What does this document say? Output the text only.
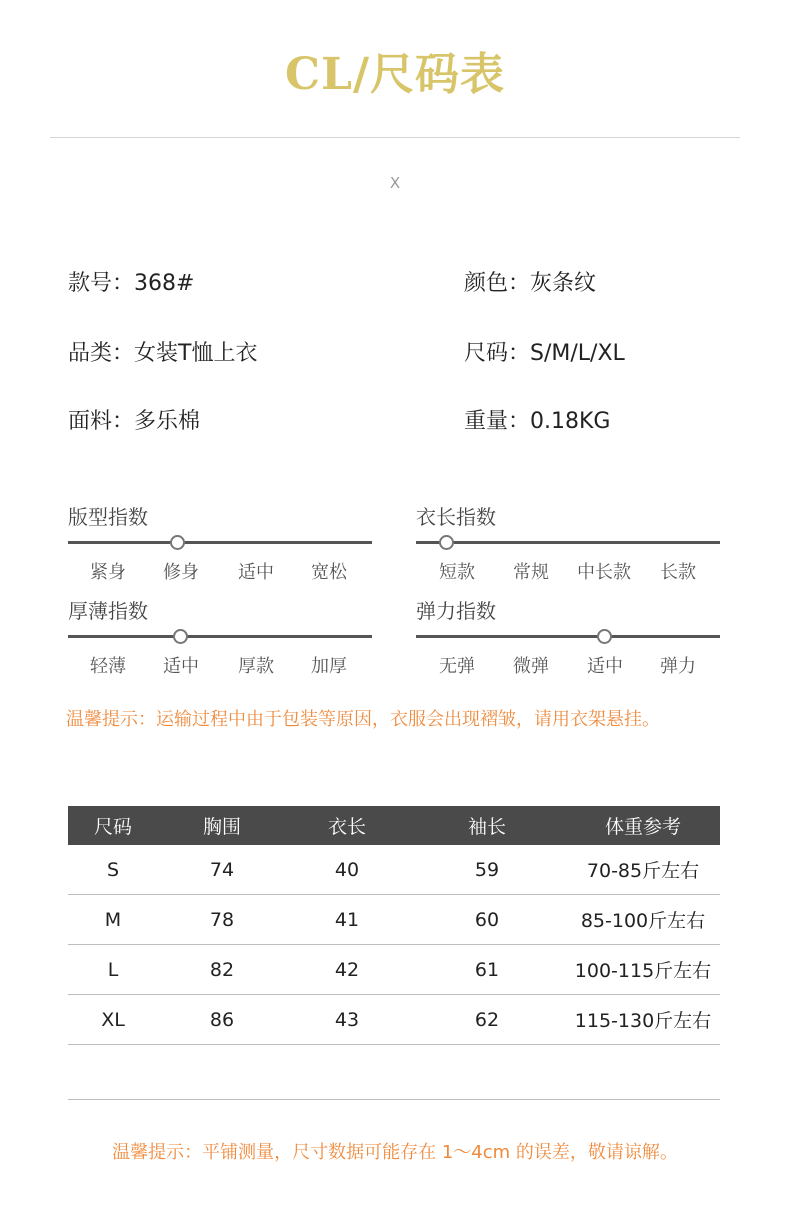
CL/尺码表
X
款号：368#	颜色：灰条纹
品类：女装T恤上衣	尺码：S/M/L/XL
面料：多乐棉	重量：0.18KG
版型指数
紧身	修身	适中	宽松
衣长指数
短款	常规	中长款	长款
厚薄指数
轻薄	适中	厚款	加厚
弹力指数
无弹	微弹	适中	弹力
温馨提示：运输过程中由于包装等原因，衣服会出现褶皱，请用衣架悬挂。
尺码	胸围	衣长	袖长	体重参考
S	74	40	59	70-85斤左右
M	78	41	60	85-100斤左右
L	82	42	61	100-115斤左右
XL	86	43	62	115-130斤左右
温馨提示：平铺测量，尺寸数据可能存在 1～4cm 的误差，敬请谅解。
